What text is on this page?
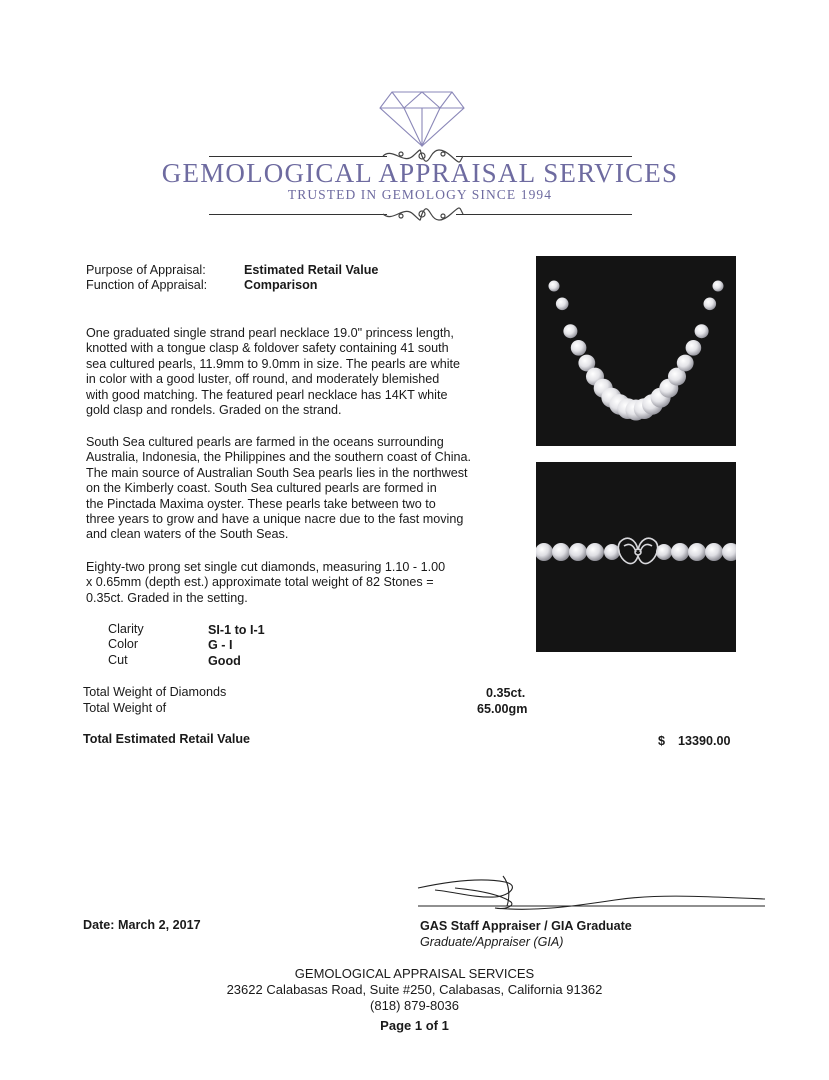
GEMOLOGICAL APPRAISAL SERVICES
TRUSTED IN GEMOLOGY SINCE 1994
Purpose of Appraisal:	Estimated Retail Value
Function of Appraisal:	Comparison
One graduated single strand pearl necklace 19.0" princess length,
knotted with a tongue clasp & foldover safety containing 41 south
sea cultured pearls, 11.9mm to 9.0mm in size. The pearls are white
in color with a good luster, off round, and moderately blemished
with good matching. The featured pearl necklace has 14KT white
gold clasp and rondels. Graded on the strand.
South Sea cultured pearls are farmed in the oceans surrounding
Australia, Indonesia, the Philippines and the southern coast of China.
The main source of Australian South Sea pearls lies in the northwest
on the Kimberly coast. South Sea cultured pearls are formed in
the Pinctada Maxima oyster. These pearls take between two to
three years to grow and have a unique nacre due to the fast moving
and clean waters of the South Seas.
Eighty-two prong set single cut diamonds, measuring 1.10 - 1.00
x 0.65mm (depth est.) approximate total weight of 82 Stones =
0.35ct. Graded in the setting.
Clarity	SI-1 to I-1
Color	G - I
Cut	Good
Total Weight of Diamonds	0.35ct.
Total Weight of	65.00gm
Total Estimated Retail Value	$ 13390.00
Date: March 2, 2017	GAS Staff Appraiser / GIA Graduate
Graduate/Appraiser (GIA)
GEMOLOGICAL APPRAISAL SERVICES
23622 Calabasas Road, Suite #250, Calabasas, California 91362
(818) 879-8036
Page 1 of 1
